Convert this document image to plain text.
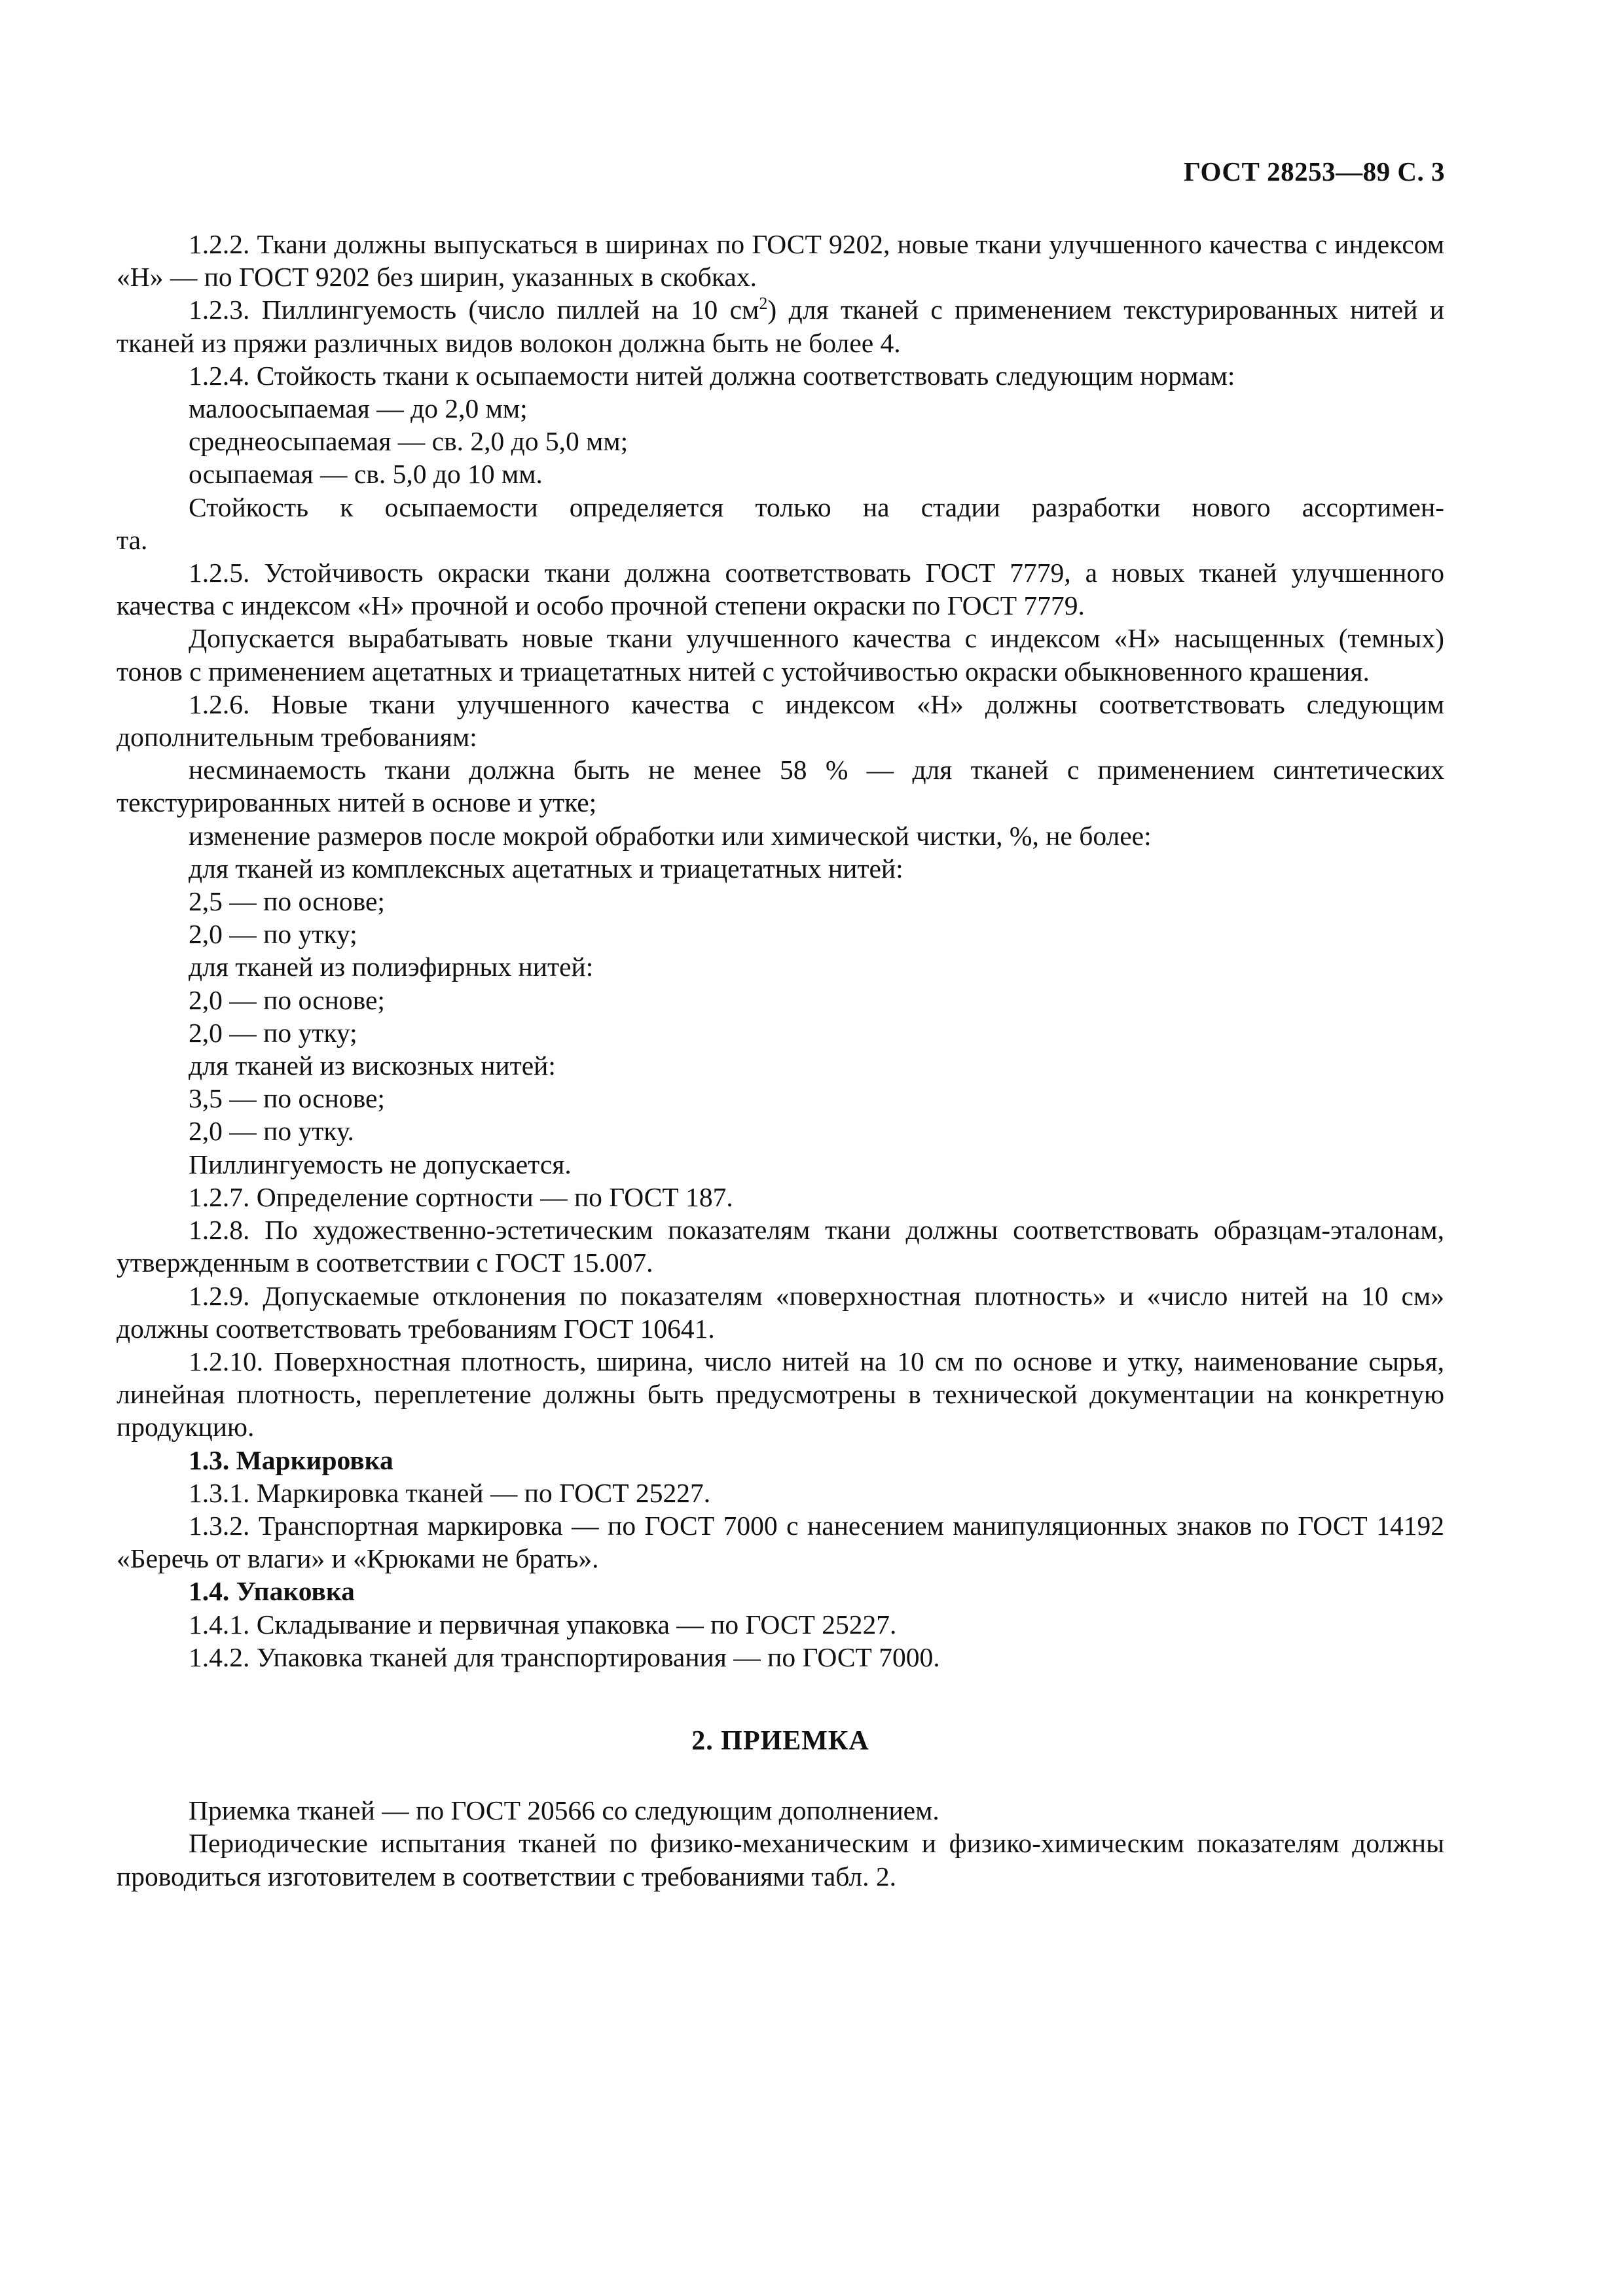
ГОСТ 28253—89 С. 3

1.2.2. Ткани должны выпускаться в ширинах по ГОСТ 9202, новые ткани улучшенного качества с индексом «Н» — по ГОСТ 9202 без ширин, указанных в скобках.

1.2.3. Пиллингуемость (число пиллей на 10 $см^2$) для тканей с применением текстурированных нитей и тканей из пряжи различных видов волокон должна быть не более 4.

1.2.4. Стойкость ткани к осыпаемости нитей должна соответствовать следующим нормам:

малоосыпаемая — до 2,0 мм;

среднеосыпаемая — св. 2,0 до 5,0 мм;

осыпаемая — св. 5,0 до 10 мм.

Стойкость к осыпаемости определяется только на стадии разработки нового ассортимен-

та.

1.2.5. Устойчивость окраски ткани должна соответствовать ГОСТ 7779, а новых тканей улучшенного качества с индексом «Н» прочной и особо прочной степени окраски по ГОСТ 7779.

Допускается вырабатывать новые ткани улучшенного качества с индексом «Н» насыщенных (темных) тонов с применением ацетатных и триацетатных нитей с устойчивостью окраски обыкновенного крашения.

1.2.6. Новые ткани улучшенного качества с индексом «Н» должны соответствовать следующим дополнительным требованиям:

несминаемость ткани должна быть не менее 58 % — для тканей с применением синтетических текстурированных нитей в основе и утке;

изменение размеров после мокрой обработки или химической чистки, %, не более:

для тканей из комплексных ацетатных и триацетатных нитей:

2,5 — по основе;

2,0 — по утку;

для тканей из полиэфирных нитей:

2,0 — по основе;

2,0 — по утку;

для тканей из вискозных нитей:

3,5 — по основе;

2,0 — по утку.

Пиллингуемость не допускается.

1.2.7. Определение сортности — по ГОСТ 187.

1.2.8. По художественно-эстетическим показателям ткани должны соответствовать образцам-эталонам, утвержденным в соответствии с ГОСТ 15.007.

1.2.9. Допускаемые отклонения по показателям «поверхностная плотность» и «число нитей на 10 см» должны соответствовать требованиям ГОСТ 10641.

1.2.10. Поверхностная плотность, ширина, число нитей на 10 см по основе и утку, наименование сырья, линейная плотность, переплетение должны быть предусмотрены в технической документации на конкретную продукцию.

1.3. Маркировка

1.3.1. Маркировка тканей — по ГОСТ 25227.

1.3.2. Транспортная маркировка — по ГОСТ 7000 с нанесением манипуляционных знаков по ГОСТ 14192 «Беречь от влаги» и «Крюками не брать».

1.4. Упаковка

1.4.1. Складывание и первичная упаковка — по ГОСТ 25227.

1.4.2. Упаковка тканей для транспортирования — по ГОСТ 7000.

2. ПРИЕМКА

Приемка тканей — по ГОСТ 20566 со следующим дополнением.

Периодические испытания тканей по физико-механическим и физико-химическим показателям должны проводиться изготовителем в соответствии с требованиями табл. 2.
